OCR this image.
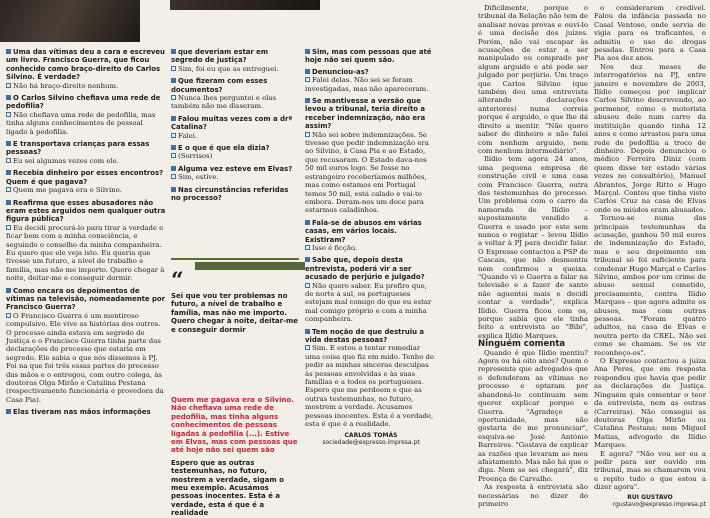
Uma das vítimas deu a cara e escreveu um livro. Francisco Guerra, que ficou conhecido como braço-direito do Carlos Silvino. É verdade?

Não há braço-direito nenhum.

O Carlos Silvino chefiava uma rede de pedofilia?

Não chefiava uma rede de pedofilia, mas tinha alguns conhecimentos de pessoal ligado à pedofilia.

E transportava crianças para essas pessoas?

Eu sei algumas vezes com ele.

Recebia dinheiro por esses encontros? Quem é que pagava?

Quem me pagava era o Silvino.

Reafirma que esses abusadores não eram estes arguidos nem qualquer outra figura pública?

Eu decidi procurá-lo para tirar a verdade e ficar bem com a minha consciência, e seguindo o conselho da minha companheira. Eu quero que ele veja isto. Eu queria que tivesse um futuro, a nível de trabalho e família, mas não me importo. Quero chegar à noite, deitar-me e conseguir dormir.

Como encara os depoimentos de vítimas na televisão, nomeadamente por Francisco Guerra?

O Francisco Guerra é um mentiroso compulsivo. Ele vive as histórias dos outros. O processo ainda estava em segredo de Justiça e o Francisco Guerra tinha parte das declarações do processo que estaria em segredo. Ele sabia o que nós dissemos à PJ. Foi na que foi três essas partes do processo das mãos e o entregou, com outro colega, às doutoras Olga Mirão e Catalina Pestana (respectivamente funcionária e provedora da Casa Pia).

Elas tiveram nas mãos informações

que deveriam estar em segredo de justiça?

Sim, foi eu que as entreguei.

Que fizeram com esses documentos?

Nunca lhes perguntei e elas também não me disseram.

Falou muitas vezes com a drª Catalina?

Falei.

E o que é que ela dizia?

(Sorrisos)

Alguma vez esteve em Elvas?

Sim, estive.

Nas circunstâncias referidas no processo?

“
Sei que vou ter problemas no futuro, a nível de trabalho e família, mas não me importo. Quero chegar à noite, deitar-me e conseguir dormir
Quem me pagava era o Silvino. Não chefiava uma rede de pedofilia, mas tinha alguns conhecimentos de pessoas ligadas à pedofilia (...). Estive em Elvas, mas com pessoas que até hoje não sei quem são
Espero que as outras testemunhas, no futuro, mostrem a verdade, sigam o meu exemplo. Acusámos pessoas inocentes. Esta é a verdade, esta é que é a realidade

Sim, mas com pessoas que até hoje não sei quem são.

Denunciou-as?

Falei delas. Não sei se foram investigadas, mas não apareceram.

Se mantivesse a versão que levou a tribunal, teria direito a receber indemnização, não era assim?

Não sei sobre indemnizações. Se tivesse que pedir indemnização era ao Silvino, à Casa Pia e ao Estado, que recusaram. O Estado dava-nos 50 mil euros logo. Se fosse no estrangeiro receberíamos milhões, mas como estamos em Portugal temos 50 mil, está calado e vai-te embora. Deram-nos um doce para estarmos caladinhos.

Fala-se de abusos em várias casas, em vários locais. Existiram?

Isso é ficção.

Sabe que, depois desta entrevista, poderá vir a ser acusado de perjúrio e julgado?

Não quero saber. Eu prefiro que, de norte a sul, os portugueses estejam mal comigo do que eu estar mal comigo próprio e com a minha companheira.

Tem noção de que destruiu a vida destas pessoas?

Sim. E estou a tentar remediar uma coisa que fiz em mido. Tenho de pedir as minhas sinceras desculpas às pessoas envolvidas e às suas famílias e a todos os portugueses. Espero que me perdoem e que as outras testemunhas, no futuro, mostrem a verdade. Acusamos pessoas inocentes. Esta é a verdade, esta é que é a realidade.

CARLOS TOMÁS
sociedade@expresso.impresa.pt

Dificilmente, porque o tribunal da Relação não tem de analisar novas provas e ouvi-lo é uma decisão dos juízes. Porém, não vai escapar às acusações de estar a ser manipulado ou comprado por algum arguido e até pode ser julgado por perjúrio. Um traço que Carlos Silvino (que também deu uma entrevista alterando declarações anteriores) numa correia porque é arguido, o que lhe dá direito a mentir. "Não quero saber de dinheiro e não falei com nenhum arguido, nem com nenhum intermediário".

Ilídio tem agora 24 anos, uma pequena empresa de construção civil e uma casa com Francisco Guerra, outra das testemunhas do processo. Um problema com o carro da namorada de Ilídio – supostamente vendido a Guerra e usado por este sem nunca o registar – levou Ilídio a voltar à PJ para decidir falar. O Expresso contactou a PSP de Cascais, que não desmentiu nem confirmou a queixa. "Quando vi o Guerra a falar na televisão e a fazer de santo não aguentei mais e decidi contar a verdade", explica Ilídio. Guerra ficou com os, porque sabia que ele tinha feito a entrevista ao "Bibi", explica Ilídio Marques.

Ninguém comenta

Quando é que Ilídio mentiu? Agora ou há oito anos? Quem o representa que advogados que o defenderam as vítimas no processo e optaram por abandoná-lo continuam sem querer explicar porque e Guerra. "Agradeço a oportunidade, mas não gostaria de me pronunciar", esquiva-se José António Barreiros. "Gostava de explicar as razões que levaram ao meu afastamento. Mas não há que o diga. Nem se sei chegará", diz Proença de Carvalho.

As resposta à entrevista são necessárias no dizer do primeiro

o considerarem credível. Falou da infância passada no Casal Ventoso, onde servia de vigia para os traficantes, e admitiu o uso de drogas pesadas. Entrou para a Casa Pia aos dez anos.

Nos dez meses de interrogatórios na PJ, entre janeiro e novembro de 2003, Ilídio começou por implicar Carlos Silvino descrevendo, ao pormenor, como o motorista abusou dele num carro da instituição quando tinha 12 anos e como arrastou para uma rede de pedofilia a troco de dinheiro. Depois denunciou o médico Ferreira Diniz (com quem disse ter estado várias vezes no consultório), Manuel Abrantes, Jorge Ritto e Hugo Marçal. Contou que tinha visto Carlos Cruz na casa de Elvas onde os miúdos eram abusados.

Tornou-se numa das principais testemunhas da acusação, ganhou 50 mil euros de indemnização do Estado, mas o seu depoimento em tribunal só foi suficiente para condenar Hugo Marçal e Carlos Silvino, ambos por um crime de abuso sexual cometido, precisamente, contra Ilídio Marques – que agora admite os abusos, mas com outras pessoas. "Foram quatro adultos, na casa de Elvas e noutra perto da CREL. Não sei como se chamam. Se os vir reconheço-os".

O Expresso contactou a juíza Ana Peres, que em resposta respondeu que havia que pedir as declarações de Justiça. Ninguém quis comentar o teor da entrevista, nem as outras (Carreiras). Não consegui as doutoras Olga Mirão ou Catalina Pestana; nem Miguel Matias, advogado de Ilídio Marques.

E agora? "Não vou ser eu a pedir para ser ouvido em tribunal, mas se chamarem vou e repito tudo o que estou a dizer agora".

RUI GUSTAVO
rgustavo@expresso.impresa.pt
